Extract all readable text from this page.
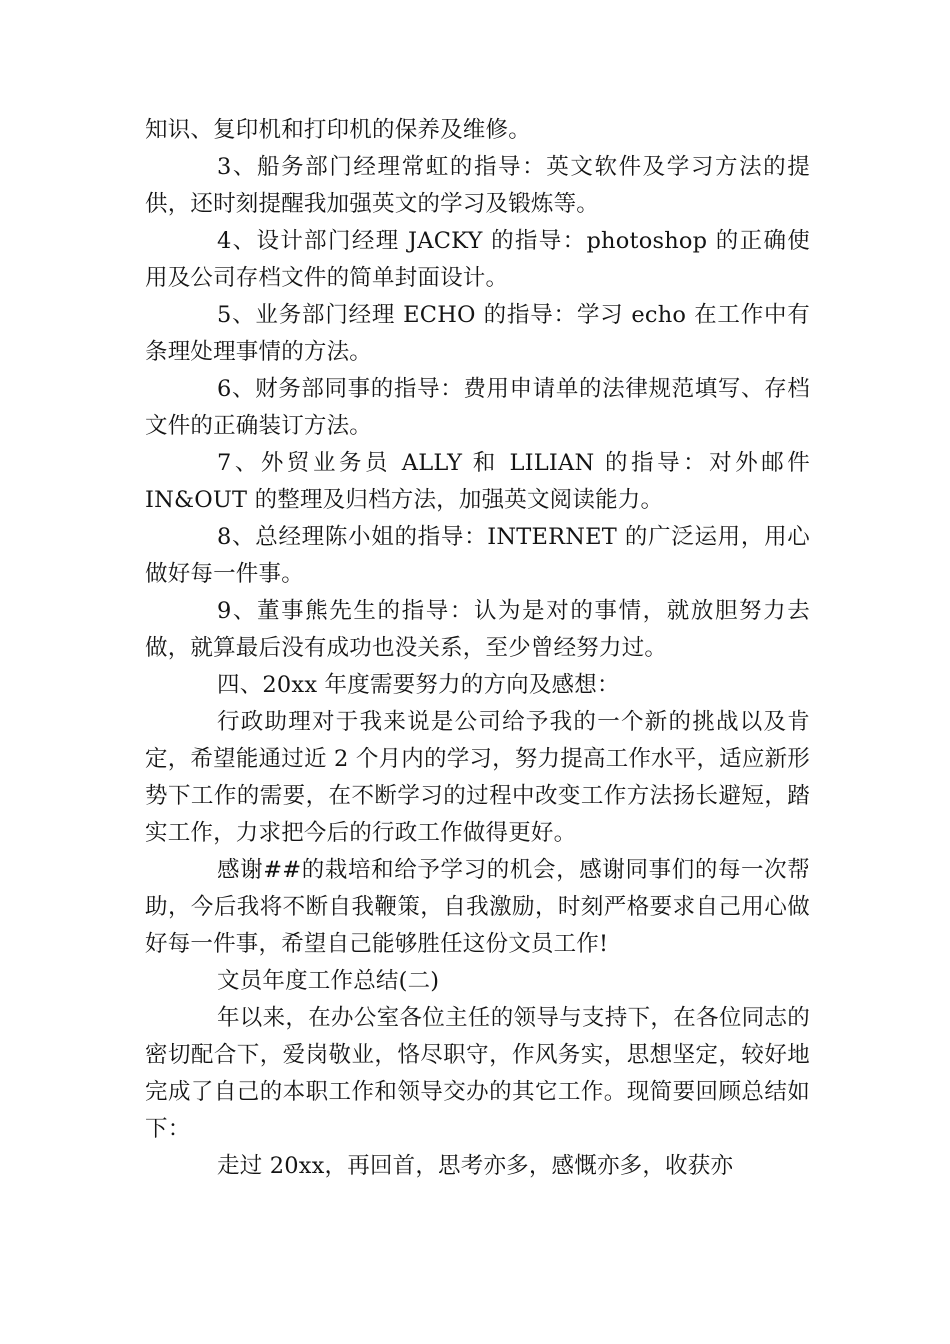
知识、复印机和打印机的保养及维修。

3、船务部门经理常虹的指导：英文软件及学习方法的提供，还时刻提醒我加强英文的学习及锻炼等。

4、设计部门经理 JACKY 的指导：photoshop 的正确使用及公司存档文件的简单封面设计。

5、业务部门经理 ECHO 的指导：学习 echo 在工作中有条理处理事情的方法。

6、财务部同事的指导：费用申请单的法律规范填写、存档文件的正确装订方法。

7、外贸业务员 ALLY 和 LILIAN 的指导：对外邮件 IN&OUT 的整理及归档方法，加强英文阅读能力。

8、总经理陈小姐的指导：INTERNET 的广泛运用，用心做好每一件事。

9、董事熊先生的指导：认为是对的事情，就放胆努力去做，就算最后没有成功也没关系，至少曾经努力过。

四、20xx 年度需要努力的方向及感想：

行政助理对于我来说是公司给予我的一个新的挑战以及肯定，希望能通过近 2 个月内的学习，努力提高工作水平，适应新形势下工作的需要，在不断学习的过程中改变工作方法扬长避短，踏实工作，力求把今后的行政工作做得更好。

感谢##的栽培和给予学习的机会，感谢同事们的每一次帮助，今后我将不断自我鞭策，自我激励，时刻严格要求自己用心做好每一件事，希望自己能够胜任这份文员工作!

文员年度工作总结(二)

年以来，在办公室各位主任的领导与支持下，在各位同志的密切配合下，爱岗敬业，恪尽职守，作风务实，思想坚定，较好地完成了自己的本职工作和领导交办的其它工作。现简要回顾总结如下：

走过 20xx，再回首，思考亦多，感慨亦多，收获亦
